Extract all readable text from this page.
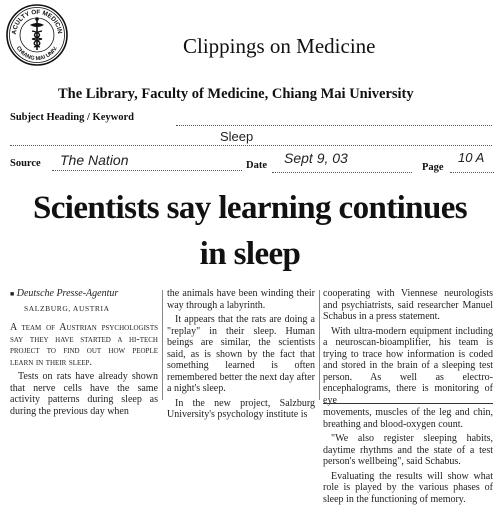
ACULTY OF MEDICIN
CHIANG MAI UNIV.	Clippings on Medicine
The Library, Faculty of Medicine, Chiang Mai University
Subject Heading / Keyword
Sleep
Source The Nation	Date Sept 9, 03
Page
10 A
Scientists say learning continues
in sleep
■ Deutsche Presse-Agentur
SALZBURG, AUSTRIA

A team of Austrian psychologists say they have started a hi-tech project to find out how people learn in their sleep.

Tests on rats have already shown that nerve cells have the same activity patterns during sleep as during the previous day when

the animals have been winding their way through a labyrinth.

It appears that the rats are doing a "replay" in their sleep. Human beings are similar, the scientists said, as is shown by the fact that something learned is often remembered better the next day after a night's sleep.

In the new project, Salzburg University's psychology institute is

cooperating with Viennese neurologists and psychiatrists, said researcher Manuel Schabus in a press statement.

With ultra-modern equipment including a neuroscan-bioamplifier, his team is trying to trace how information is coded and stored in the brain of a sleeping test person. As well as electro-encephalograms, there is monitoring of eye

movements, muscles of the leg and chin, breathing and blood-oxygen count.

"We also register sleeping habits, daytime rhythms and the state of a test person's wellbeing", said Schabus.

Evaluating the results will show what role is played by the various phases of sleep in the functioning of memory.
